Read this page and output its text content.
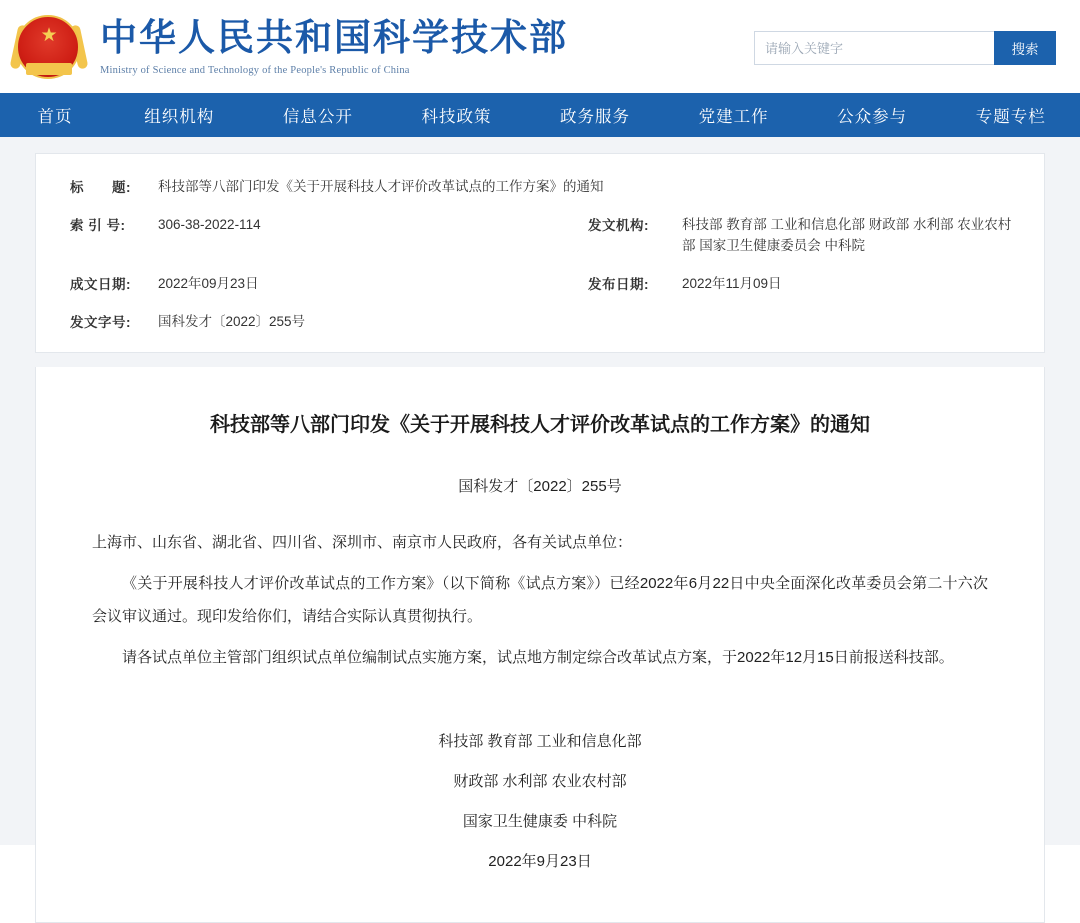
★ 中华人民共和国科学技术部
Ministry of Science and Technology of the People's Republic of China
请输入关键字
搜索
首页	组织机构	信息公开	科技政策	政务服务	党建工作	公众参与	专题专栏
标　　题:	科技部等八部门印发《关于开展科技人才评价改革试点的工作方案》的通知
索 引 号:	306-38-2022-114	发文机构:	科技部 教育部 工业和信息化部 财政部 水利部 农业农村部 国家卫生健康委员会 中科院
成文日期:	2022年09月23日	发布日期:	2022年11月09日
发文字号:	国科发才〔2022〕255号
科技部等八部门印发《关于开展科技人才评价改革试点的工作方案》的通知
国科发才〔2022〕255号

上海市、山东省、湖北省、四川省、深圳市、南京市人民政府，各有关试点单位：

《关于开展科技人才评价改革试点的工作方案》（以下简称《试点方案》）已经2022年6月22日中央全面深化改革委员会第二十六次会议审议通过。现印发给你们，请结合实际认真贯彻执行。

请各试点单位主管部门组织试点单位编制试点实施方案，试点地方制定综合改革试点方案，于2022年12月15日前报送科技部。

科技部 教育部 工业和信息化部
财政部 水利部 农业农村部
国家卫生健康委 中科院
2022年9月23日
